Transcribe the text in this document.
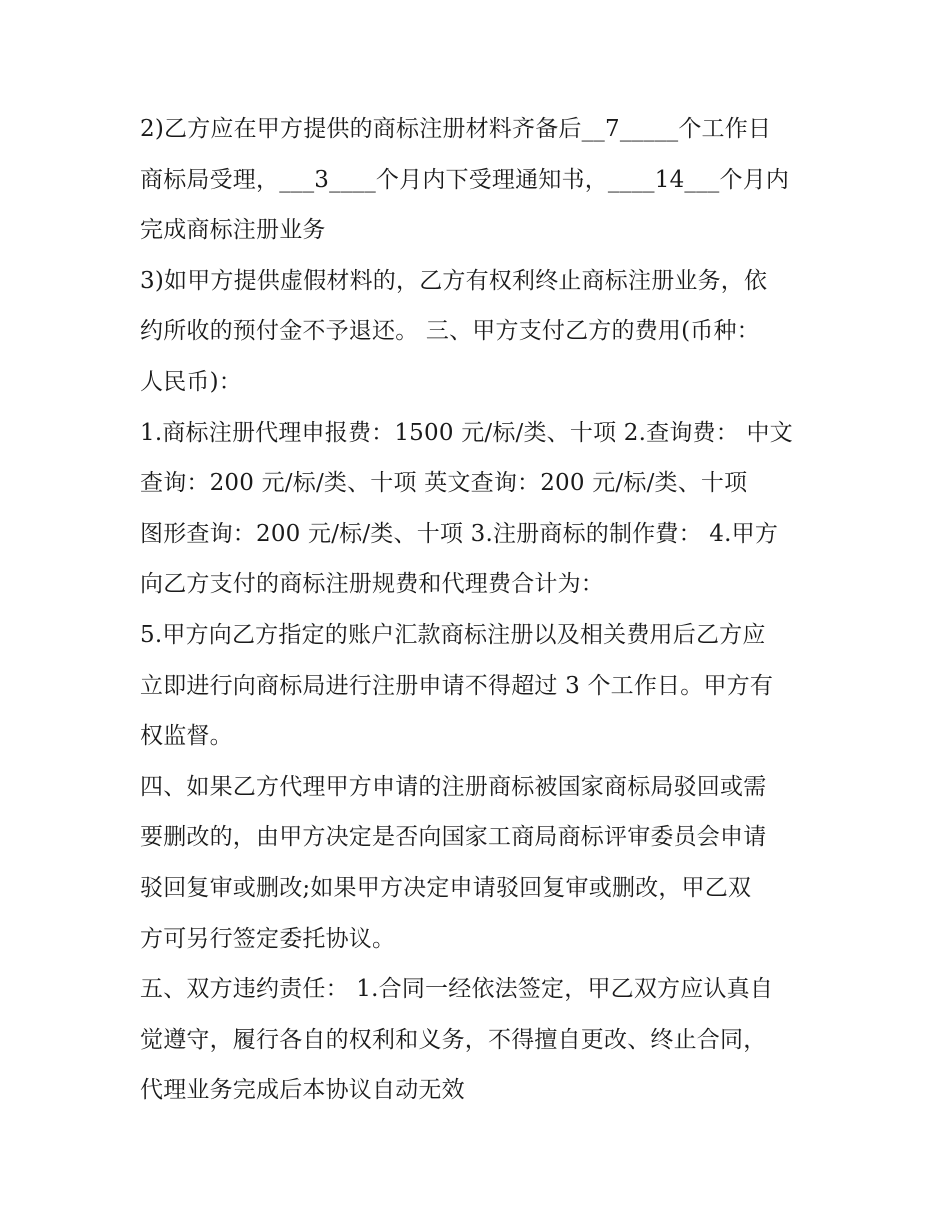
2)乙方应在甲方提供的商标注册材料齐备后__7_____个工作日
商标局受理，___3____个月内下受理通知书，____14___个月内
完成商标注册业务
3)如甲方提供虚假材料的，乙方有权利终止商标注册业务，依
约所收的预付金不予退还。 三、甲方支付乙方的费用(币种：
人民币)：
1.商标注册代理申报费：1500 元/标/类、十项 2.查询费： 中文
查询：200 元/标/类、十项 英文查询：200 元/标/类、十项
图形查询：200 元/标/类、十项 3.注册商标的制作費： 4.甲方
向乙方支付的商标注册规费和代理费合计为：
5.甲方向乙方指定的账户汇款商标注册以及相关费用后乙方应
立即进行向商标局进行注册申请不得超过 3 个工作日。甲方有
权监督。
四、如果乙方代理甲方申请的注册商标被国家商标局驳回或需
要删改的，由甲方决定是否向国家工商局商标评审委员会申请
驳回复审或删改;如果甲方决定申请驳回复审或删改，甲乙双
方可另行签定委托协议。
五、双方违约责任： 1.合同一经依法签定，甲乙双方应认真自
觉遵守，履行各自的权利和义务，不得擅自更改、终止合同，
代理业务完成后本协议自动无效
